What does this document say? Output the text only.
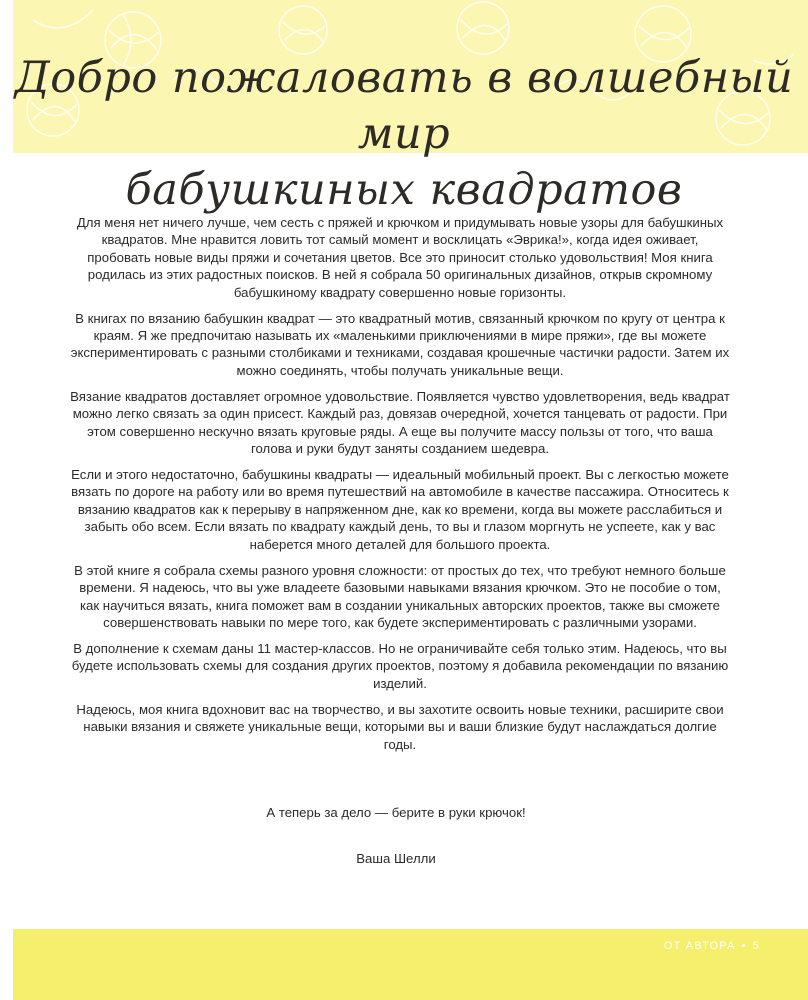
Добро пожаловать в волшебный мир
бабушкиных квадратов

Для меня нет ничего лучше, чем сесть с пряжей и крючком и придумывать новые узоры для бабушкиных квадратов. Мне нравится ловить тот самый момент и восклицать «Эврика!», когда идея оживает, пробовать новые виды пряжи и сочетания цветов. Все это приносит столько удовольствия! Моя книга родилась из этих радостных поисков. В ней я собрала 50 оригинальных дизайнов, открыв скромному бабушкиному квадрату совершенно новые горизонты.

В книгах по вязанию бабушкин квадрат — это квадратный мотив, связанный крючком по кругу от центра к краям. Я же предпочитаю называть их «маленькими приключениями в мире пряжи», где вы можете экспериментировать с разными столбиками и техниками, создавая крошечные частички радости. Затем их можно соединять, чтобы получать уникальные вещи.

Вязание квадратов доставляет огромное удовольствие. Появляется чувство удовлетворения, ведь квадрат можно легко связать за один присест. Каждый раз, довязав очередной, хочется танцевать от радости. При этом совершенно нескучно вязать круговые ряды. А еще вы получите массу пользы от того, что ваша голова и руки будут заняты созданием шедевра.

Если и этого недостаточно, бабушкины квадраты — идеальный мобильный проект. Вы с легкостью можете вязать по дороге на работу или во время путешествий на автомобиле в качестве пассажира. Относитесь к вязанию квадратов как к перерыву в напряженном дне, как ко времени, когда вы можете расслабиться и забыть обо всем. Если вязать по квадрату каждый день, то вы и глазом моргнуть не успеете, как у вас наберется много деталей для большого проекта.

В этой книге я собрала схемы разного уровня сложности: от простых до тех, что требуют немного больше времени. Я надеюсь, что вы уже владеете базовыми навыками вязания крючком. Это не пособие о том, как научиться вязать, книга поможет вам в создании уникальных авторских проектов, также вы сможете совершенствовать навыки по мере того, как будете экспериментировать с различными узорами.

В дополнение к схемам даны 11 мастер-классов. Но не ограничивайте себя только этим. Надеюсь, что вы будете использовать схемы для создания других проектов, поэтому я добавила рекомендации по вязанию изделий.

Надеюсь, моя книга вдохновит вас на творчество, и вы захотите освоить новые техники, расширите свои навыки вязания и свяжете уникальные вещи, которыми вы и ваши близкие будут наслаждаться долгие годы.

А теперь за дело — берите в руки крючок!
Ваша Шелли
ОТ АВТОРА • 5
